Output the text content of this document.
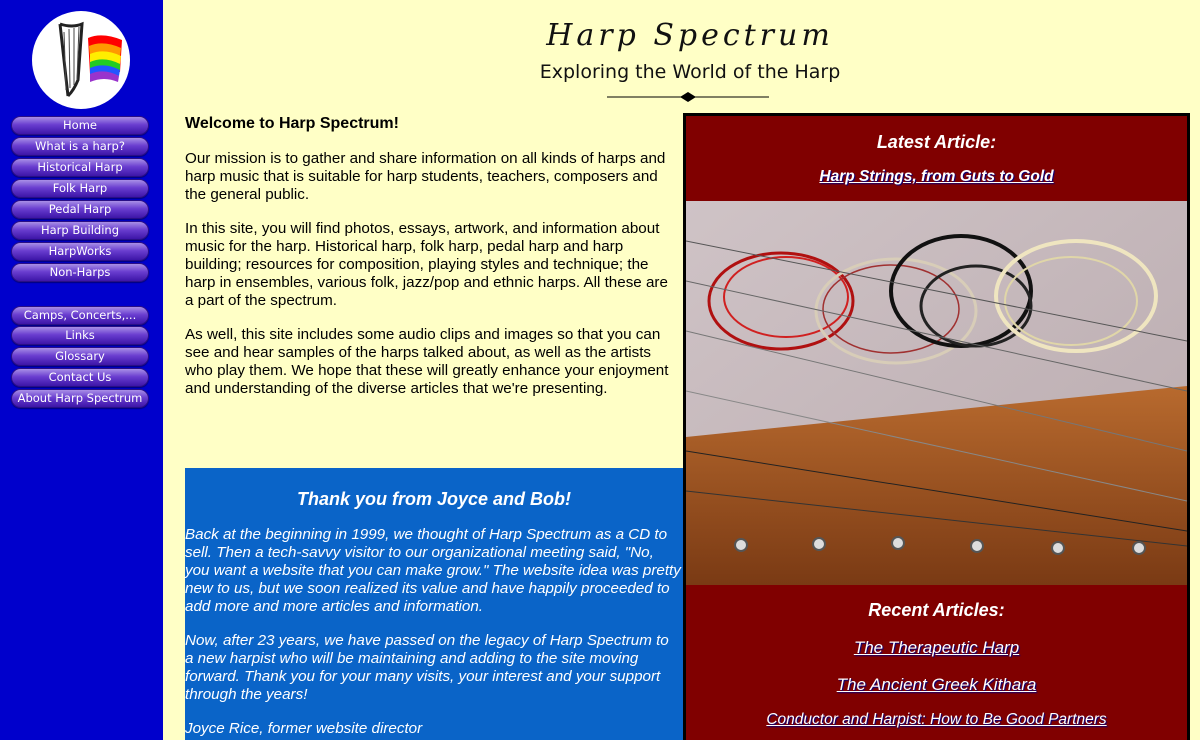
Home
What is a harp?
Historical Harp
Folk Harp
Pedal Harp
Harp Building
HarpWorks
Non-Harps
Camps, Concerts,...
Links
Glossary
Contact Us
About Harp Spectrum
Harp Spectrum
Exploring the World of the Harp
Welcome to Harp Spectrum!

Our mission is to gather and share information on all kinds of harps and harp music that is suitable for harp students, teachers, composers and the general public.

In this site, you will find photos, essays, artwork, and information about music for the harp. Historical harp, folk harp, pedal harp and harp building; resources for composition, playing styles and technique; the harp in ensembles, various folk, jazz/pop and ethnic harps. All these are a part of the spectrum.

As well, this site includes some audio clips and images so that you can see and hear samples of the harps talked about, as well as the artists who play them. We hope that these will greatly enhance your enjoyment and understanding of the diverse articles that we're presenting.

Thank you from Joyce and Bob!

Back at the beginning in 1999, we thought of Harp Spectrum as a CD to sell. Then a tech-savvy visitor to our organizational meeting said, "No, you want a website that you can make grow." The website idea was pretty new to us, but we soon realized its value and have happily proceeded to add more and more articles and information.

Now, after 23 years, we have passed on the legacy of Harp Spectrum to a new harpist who will be maintaining and adding to the site moving forward. Thank you for your many visits, your interest and your support through the years!

Joyce Rice, former website director

Latest Article:
Harp Strings, from Guts to Gold
Recent Articles:
The Therapeutic Harp
The Ancient Greek Kithara
Conductor and Harpist: How to Be Good Partners
